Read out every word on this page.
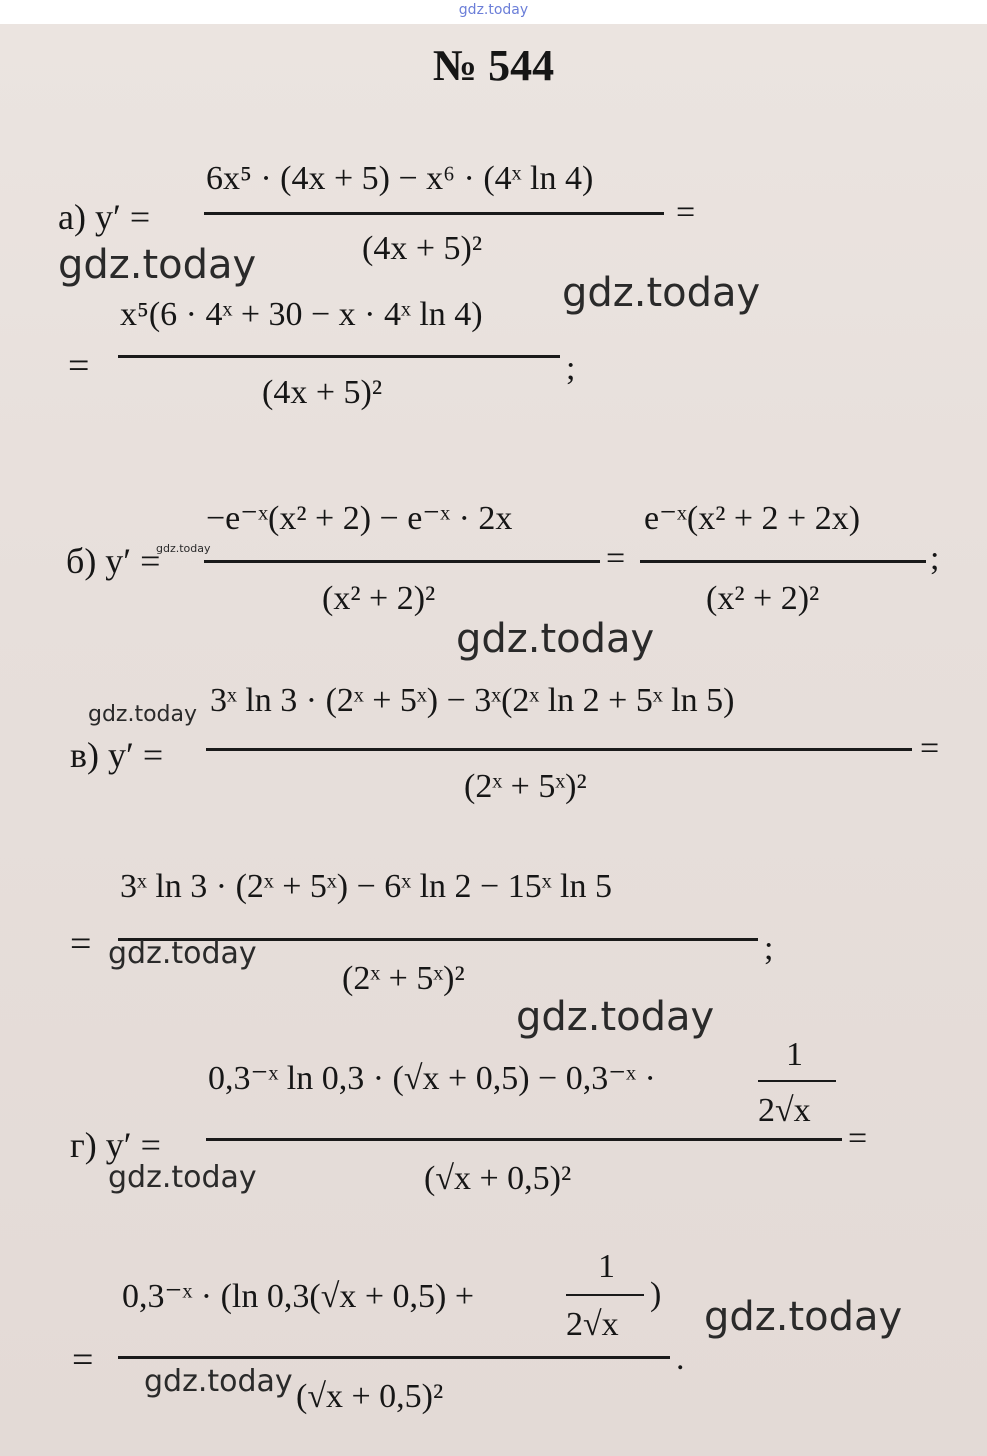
gdz.today
№ 544
а) y′ =
6x⁵ · (4x + 5) − x⁶ · (4ˣ ln 4)
(4x + 5)²
=
=
x⁵(6 · 4ˣ + 30 − x · 4ˣ ln 4)
(4x + 5)²
;
б) y′ =
−e⁻ˣ(x² + 2) − e⁻ˣ · 2x
(x² + 2)²
=
e⁻ˣ(x² + 2 + 2x)
(x² + 2)²
;
в) y′ =
3ˣ ln 3 · (2ˣ + 5ˣ) − 3ˣ(2ˣ ln 2 + 5ˣ ln 5)
(2ˣ + 5ˣ)²
=
=
3ˣ ln 3 · (2ˣ + 5ˣ) − 6ˣ ln 2 − 15ˣ ln 5
(2ˣ + 5ˣ)²
;
г) y′ =
0,3⁻ˣ ln 0,3 · (√x + 0,5) − 0,3⁻ˣ ·
1
2√x
(√x + 0,5)²
=
=
0,3⁻ˣ · (ln 0,3(√x + 0,5) +
1
2√x
)
(√x + 0,5)²
.
gdz.today
gdz.today
gdz.today
gdz.today
gdz.today
gdz.today
gdz.today
gdz.today
gdz.today
gdz.today
